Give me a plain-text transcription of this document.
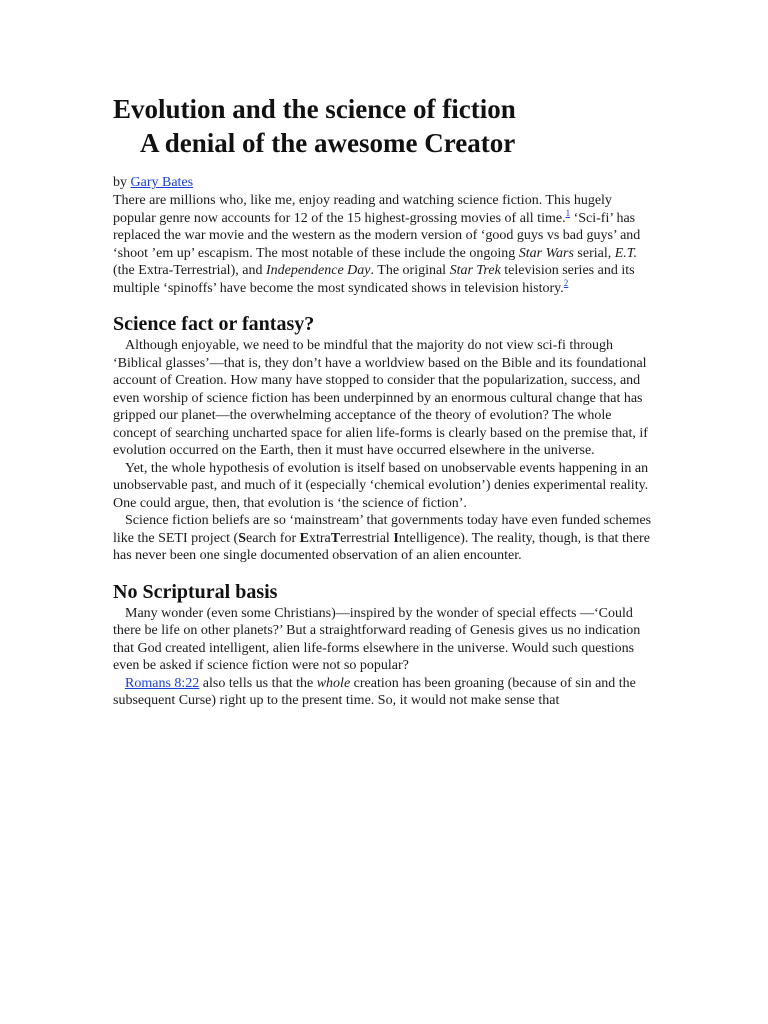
Evolution and the science of fiction
A denial of the awesome Creator
by Gary Bates

There are millions who, like me, enjoy reading and watching science fiction. This hugely popular genre now accounts for 12 of the 15 highest-grossing movies of all time.$^1$ ‘Sci-fi’ has replaced the war movie and the western as the modern version of ‘good guys vs bad guys’ and ‘shoot ’em up’ escapism. The most notable of these include the ongoing Star Wars serial, E.T. (the Extra-Terrestrial), and Independence Day. The original Star Trek television series and its multiple ‘spinoffs’ have become the most syndicated shows in television history.$^2$

Science fact or fantasy?

Although enjoyable, we need to be mindful that the majority do not view sci-fi through ‘Biblical glasses’—that is, they don’t have a worldview based on the Bible and its foundational account of Creation. How many have stopped to consider that the popularization, success, and even worship of science fiction has been underpinned by an enormous cultural change that has gripped our planet—the overwhelming acceptance of the theory of evolution? The whole concept of searching uncharted space for alien life-forms is clearly based on the premise that, if evolution occurred on the Earth, then it must have occurred elsewhere in the universe.

Yet, the whole hypothesis of evolution is itself based on unobservable events happening in an unobservable past, and much of it (especially ‘chemical evolution’) denies experimental reality. One could argue, then, that evolution is ‘the science of fiction’.

Science fiction beliefs are so ‘mainstream’ that governments today have even funded schemes like the SETI project (Search for ExtraTerrestrial Intelligence). The reality, though, is that there has never been one single documented observation of an alien encounter.

No Scriptural basis

Many wonder (even some Christians)—inspired by the wonder of special effects —‘Could there be life on other planets?’ But a straightforward reading of Genesis gives us no indication that God created intelligent, alien life-forms elsewhere in the universe. Would such questions even be asked if science fiction were not so popular?

Romans 8:22 also tells us that the whole creation has been groaning (because of sin and the subsequent Curse) right up to the present time. So, it would not make sense that
